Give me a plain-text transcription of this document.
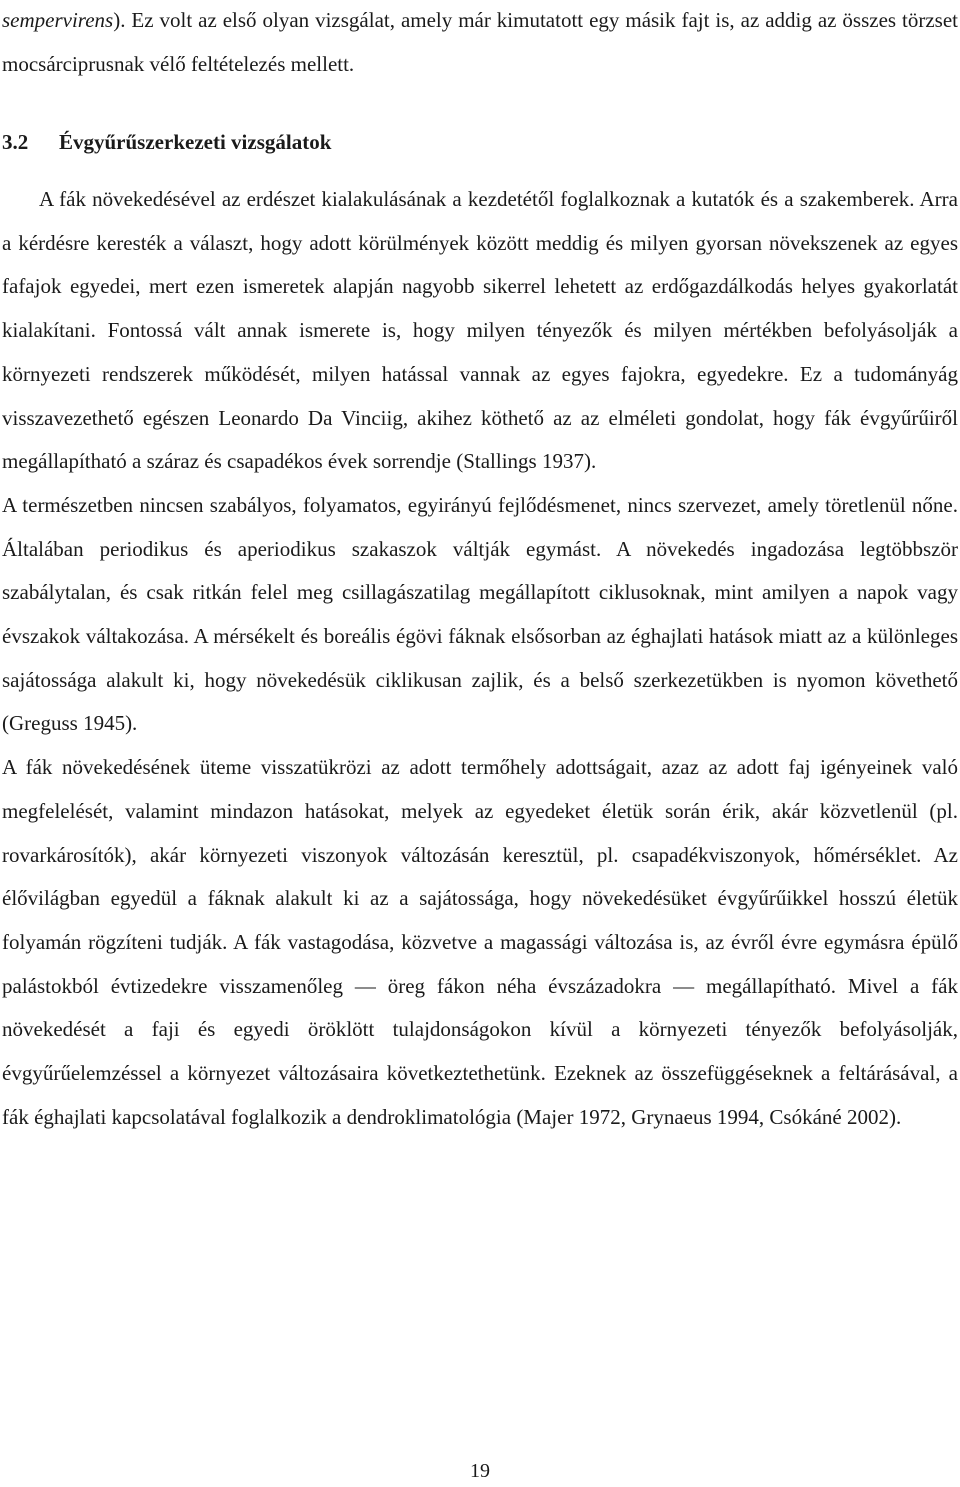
sempervirens). Ez volt az első olyan vizsgálat, amely már kimutatott egy másik fajt is, az addig az összes törzset mocsárciprusnak vélő feltételezés mellett.

3.2 Évgyűrűszerkezeti vizsgálatok

A fák növekedésével az erdészet kialakulásának a kezdetétől foglalkoznak a kutatók és a szakemberek. Arra a kérdésre keresték a választ, hogy adott körülmények között meddig és milyen gyorsan növekszenek az egyes fafajok egyedei, mert ezen ismeretek alapján nagyobb sikerrel lehetett az erdőgazdálkodás helyes gyakorlatát kialakítani. Fontossá vált annak ismerete is, hogy milyen tényezők és milyen mértékben befolyásolják a környezeti rendszerek működését, milyen hatással vannak az egyes fajokra, egyedekre. Ez a tudományág visszavezethető egészen Leonardo Da Vinciig, akihez köthető az az elméleti gondolat, hogy fák évgyűrűiről megállapítható a száraz és csapadékos évek sorrendje (Stallings 1937).

A természetben nincsen szabályos, folyamatos, egyirányú fejlődésmenet, nincs szervezet, amely töretlenül nőne. Általában periodikus és aperiodikus szakaszok váltják egymást. A növekedés ingadozása legtöbbször szabálytalan, és csak ritkán felel meg csillagászatilag megállapított ciklusoknak, mint amilyen a napok vagy évszakok váltakozása. A mérsékelt és boreális égövi fáknak elsősorban az éghajlati hatások miatt az a különleges sajátossága alakult ki, hogy növekedésük ciklikusan zajlik, és a belső szerkezetükben is nyomon követhető (Greguss 1945).

A fák növekedésének üteme visszatükrözi az adott termőhely adottságait, azaz az adott faj igényeinek való megfelelését, valamint mindazon hatásokat, melyek az egyedeket életük során érik, akár közvetlenül (pl. rovarkárosítók), akár környezeti viszonyok változásán keresztül, pl. csapadékviszonyok, hőmérséklet. Az élővilágban egyedül a fáknak alakult ki az a sajátossága, hogy növekedésüket évgyűrűikkel hosszú életük folyamán rögzíteni tudják. A fák vastagodása, közvetve a magassági változása is, az évről évre egymásra épülő palástokból évtizedekre visszamenőleg — öreg fákon néha évszázadokra — megállapítható. Mivel a fák növekedését a faji és egyedi öröklött tulajdonságokon kívül a környezeti tényezők befolyásolják, évgyűrűelemzéssel a környezet változásaira következtethetünk. Ezeknek az összefüggéseknek a feltárásával, a fák éghajlati kapcsolatával foglalkozik a dendroklimatológia (Majer 1972, Grynaeus 1994, Csókáné 2002).

19
